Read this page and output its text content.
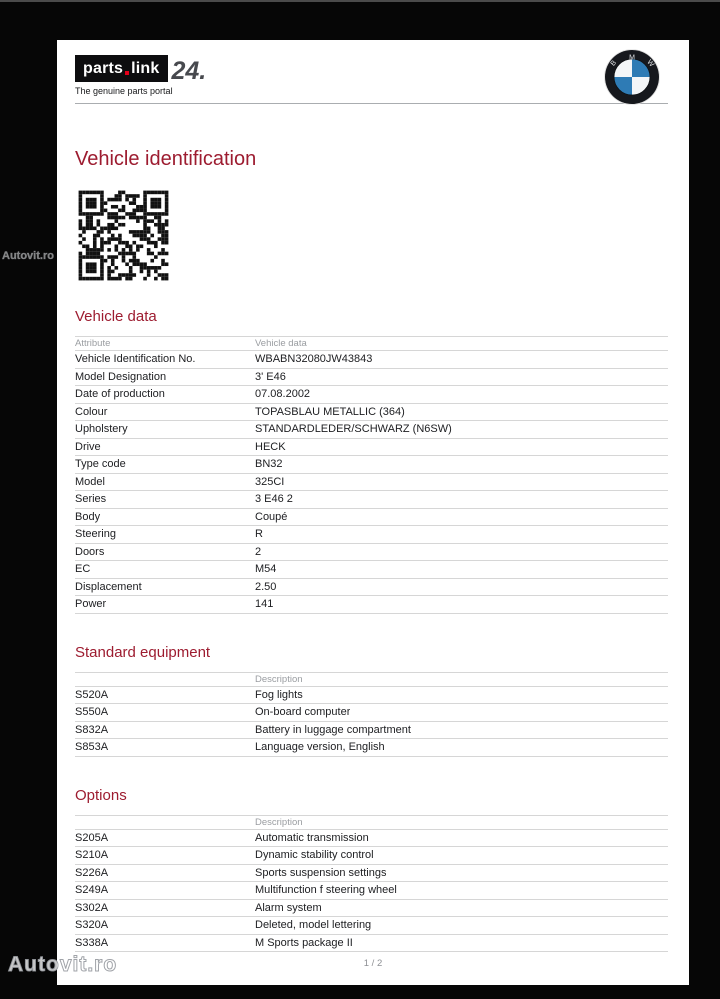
parts link 24.
The genuine parts portal
B
M
W
Vehicle identification
Vehicle data
Attribute	Vehicle data
Vehicle Identification No.	WBABN32080JW43843
Model Designation	3' E46
Date of production	07.08.2002
Colour	TOPASBLAU METALLIC (364)
Upholstery	STANDARDLEDER/SCHWARZ (N6SW)
Drive	HECK
Type code	BN32
Model	325CI
Series	3 E46 2
Body	Coupé
Steering	R
Doors	2
EC	M54
Displacement	2.50
Power	141
Standard equipment
Description
S520A	Fog lights
S550A	On-board computer
S832A	Battery in luggage compartment
S853A	Language version, English
Options
Description
S205A	Automatic transmission
S210A	Dynamic stability control
S226A	Sports suspension settings
S249A	Multifunction f steering wheel
S302A	Alarm system
S320A	Deleted, model lettering
S338A	M Sports package II
1 / 2
Autovit.ro
Autovit.ro
